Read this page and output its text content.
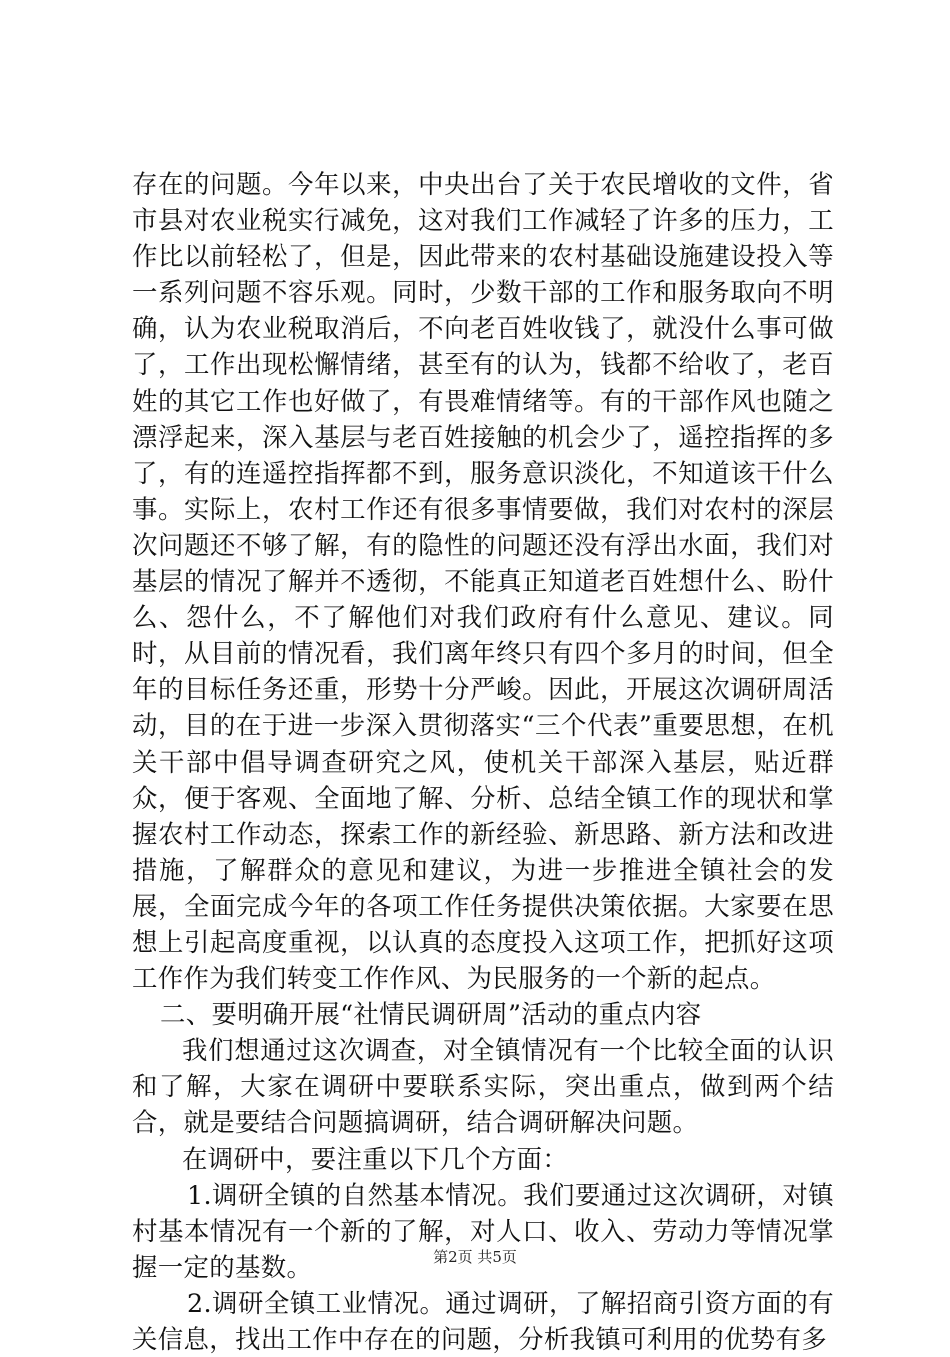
存在的问题。今年以来，中央出台了关于农民增收的文件，省市县对农业税实行减免，这对我们工作减轻了许多的压力，工作比以前轻松了，但是，因此带来的农村基础设施建设投入等一系列问题不容乐观。同时，少数干部的工作和服务取向不明确，认为农业税取消后，不向老百姓收钱了，就没什么事可做了，工作出现松懈情绪，甚至有的认为，钱都不给收了，老百姓的其它工作也好做了，有畏难情绪等。有的干部作风也随之漂浮起来，深入基层与老百姓接触的机会少了，遥控指挥的多了，有的连遥控指挥都不到，服务意识淡化，不知道该干什么事。实际上，农村工作还有很多事情要做，我们对农村的深层次问题还不够了解，有的隐性的问题还没有浮出水面，我们对基层的情况了解并不透彻，不能真正知道老百姓想什么、盼什么、怨什么，不了解他们对我们政府有什么意见、建议。同时，从目前的情况看，我们离年终只有四个多月的时间，但全年的目标任务还重，形势十分严峻。因此，开展这次调研周活动，目的在于进一步深入贯彻落实“三个代表”重要思想，在机关干部中倡导调查研究之风，使机关干部深入基层，贴近群众，便于客观、全面地了解、分析、总结全镇工作的现状和掌握农村工作动态，探索工作的新经验、新思路、新方法和改进措施，了解群众的意见和建议，为进一步推进全镇社会的发展，全面完成今年的各项工作任务提供决策依据。大家要在思想上引起高度重视，以认真的态度投入这项工作，把抓好这项工作作为我们转变工作作风、为民服务的一个新的起点。

二、要明确开展“社情民调研周”活动的重点内容

我们想通过这次调查，对全镇情况有一个比较全面的认识和了解，大家在调研中要联系实际，突出重点，做到两个结合，就是要结合问题搞调研，结合调研解决问题。

在调研中，要注重以下几个方面：

1.调研全镇的自然基本情况。我们要通过这次调研，对镇村基本情况有一个新的了解，对人口、收入、劳动力等情况掌握一定的基数。

2.调研全镇工业情况。通过调研，了解招商引资方面的有关信息，找出工作中存在的问题，分析我镇可利用的优势有多

第2页 共5页
